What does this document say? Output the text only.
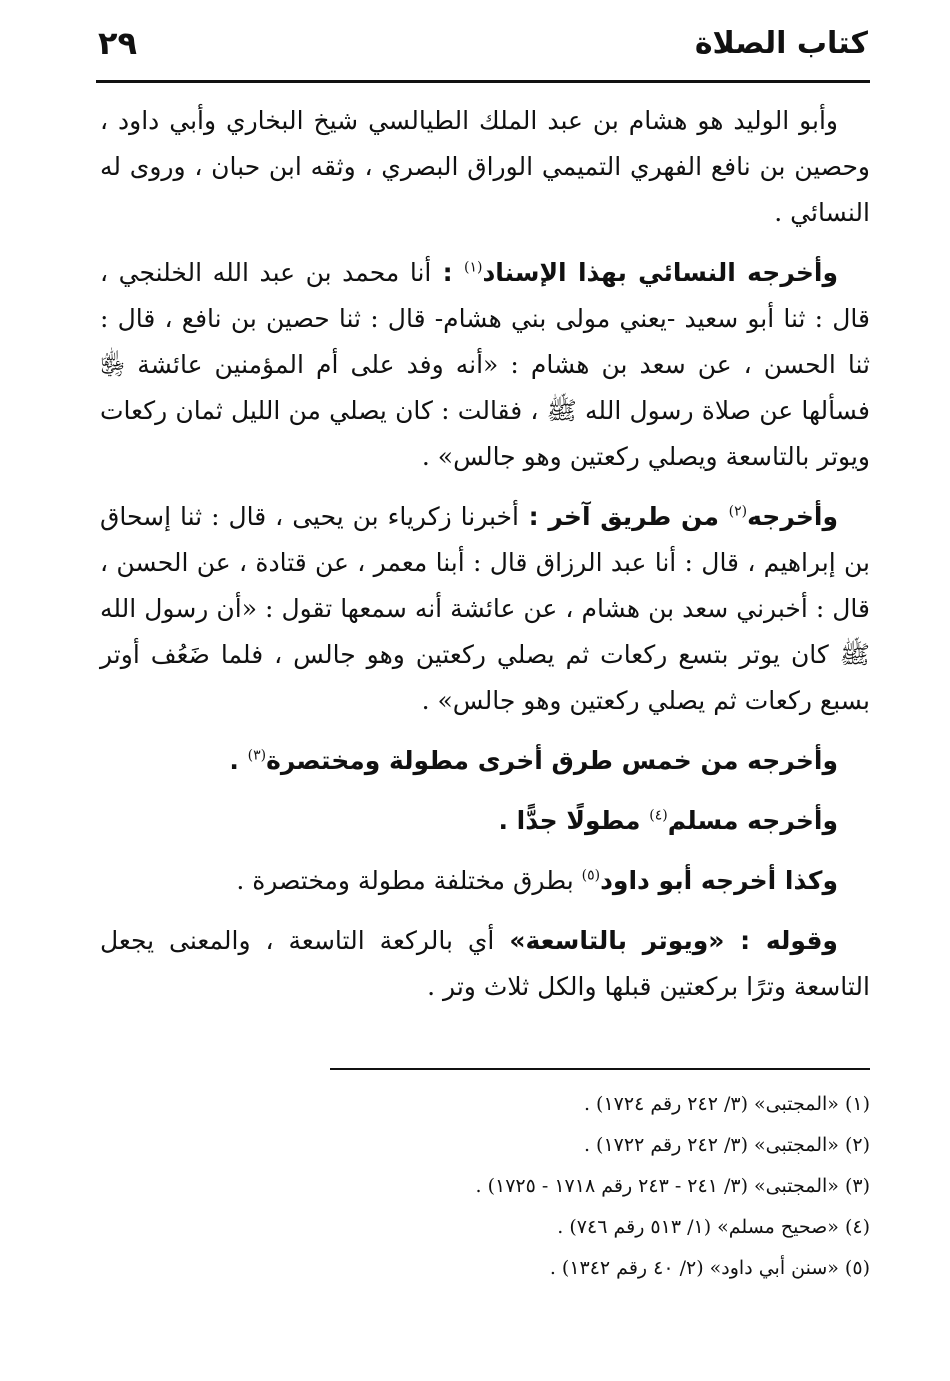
كتاب الصلاة
٢٩

وأبو الوليد هو هشام بن عبد الملك الطيالسي شيخ البخاري وأبي داود ، وحصين بن نافع الفهري التميمي الوراق البصري ، وثقه ابن حبان ، وروى له النسائي .

وأخرجه النسائي بهذا الإسناد$^{(١)}$ : أنا محمد بن عبد الله الخلنجي ، قال : ثنا أبو سعيد -يعني مولى بني هشام- قال : ثنا حصين بن نافع ، قال : ثنا الحسن ، عن سعد بن هشام : «أنه وفد على أم المؤمنين عائشة ﵂ فسألها عن صلاة رسول الله ﷺ ، فقالت : كان يصلي من الليل ثمان ركعات ويوتر بالتاسعة ويصلي ركعتين وهو جالس» .

وأخرجه$^{(٢)}$ من طريق آخر : أخبرنا زكرياء بن يحيى ، قال : ثنا إسحاق بن إبراهيم ، قال : أنا عبد الرزاق قال : أبنا معمر ، عن قتادة ، عن الحسن ، قال : أخبرني سعد بن هشام ، عن عائشة أنه سمعها تقول : «أن رسول الله ﷺ كان يوتر بتسع ركعات ثم يصلي ركعتين وهو جالس ، فلما ضَعُف أوتر بسبع ركعات ثم يصلي ركعتين وهو جالس» .

وأخرجه من خمس طرق أخرى مطولة ومختصرة$^{(٣)}$ .

وأخرجه مسلم$^{(٤)}$ مطولًا جدًّا .

وكذا أخرجه أبو داود$^{(٥)}$ بطرق مختلفة مطولة ومختصرة .

وقوله : «ويوتر بالتاسعة» أي بالركعة التاسعة ، والمعنى يجعل التاسعة وترًا بركعتين قبلها والكل ثلاث وتر .

(١) «المجتبى» (٣/ ٢٤٢ رقم ١٧٢٤) .
(٢) «المجتبى» (٣/ ٢٤٢ رقم ١٧٢٢) .
(٣) «المجتبى» (٣/ ٢٤١ - ٢٤٣ رقم ١٧١٨ - ١٧٢٥) .
(٤) «صحيح مسلم» (١/ ٥١٣ رقم ٧٤٦) .
(٥) «سنن أبي داود» (٢/ ٤٠ رقم ١٣٤٢) .
